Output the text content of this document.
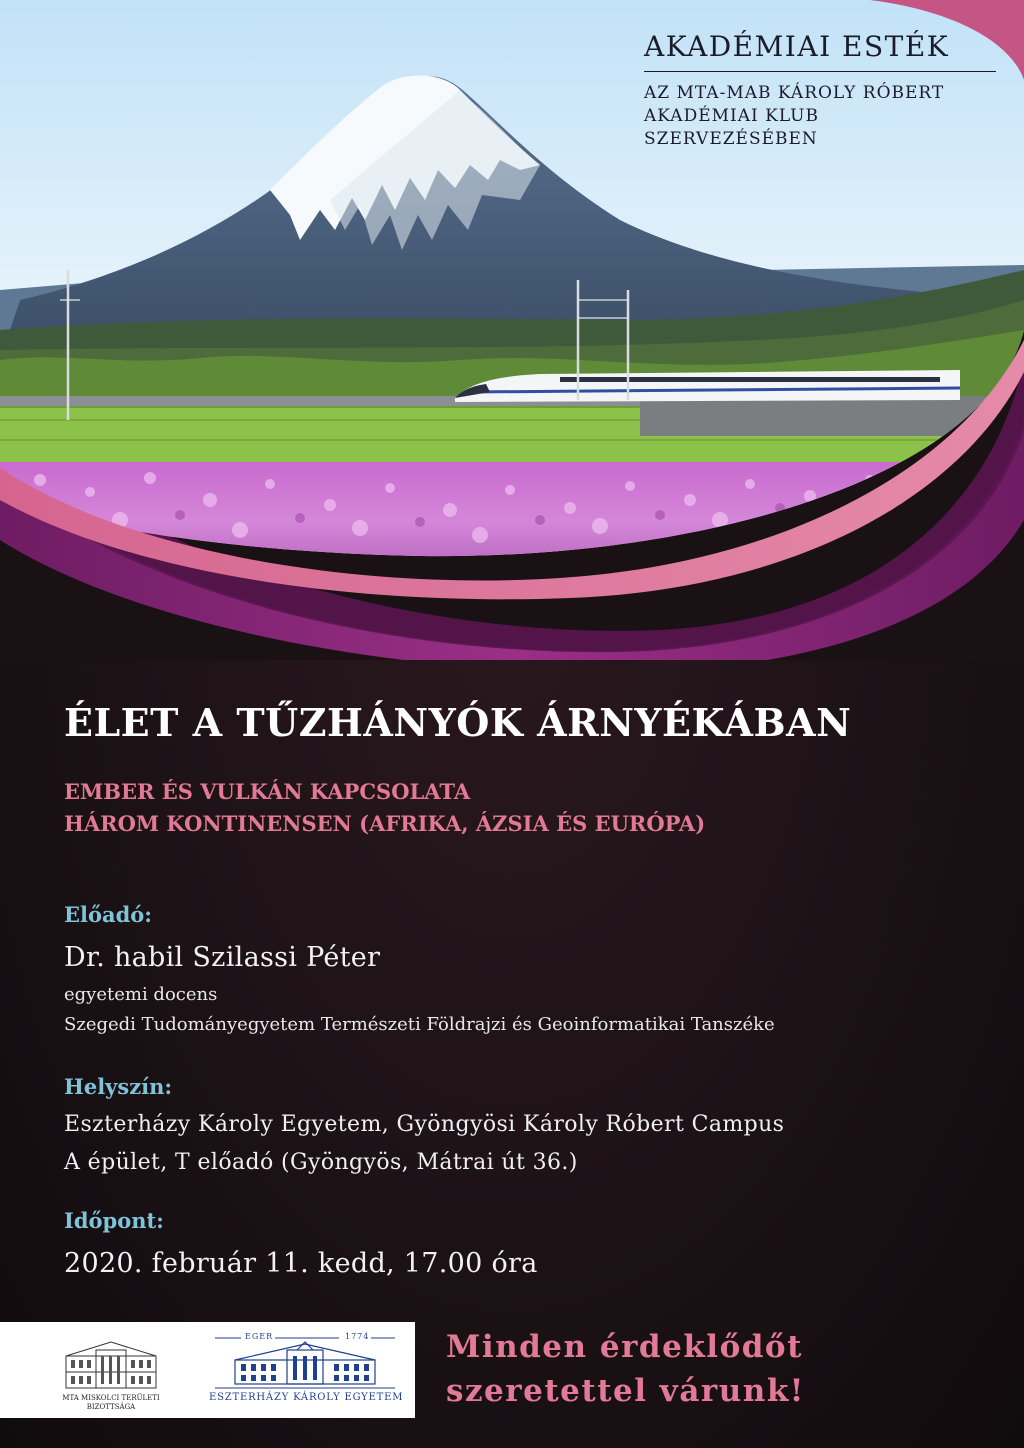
AKADÉMIAI ESTÉK
AZ MTA-MAB KÁROLY RÓBERT
AKADÉMIAI KLUB
SZERVEZÉSÉBEN
ÉLET A TŰZHÁNYÓK ÁRNYÉKÁBAN
EMBER ÉS VULKÁN KAPCSOLATA
HÁROM KONTINENSEN (AFRIKA, ÁZSIA ÉS EURÓPA)
Előadó:
Dr. habil Szilassi Péter
egyetemi docens
Szegedi Tudományegyetem Természeti Földrajzi és Geoinformatikai Tanszéke
Helyszín:
Eszterházy Károly Egyetem, Gyöngyösi Károly Róbert Campus
A épület, T előadó (Gyöngyös, Mátrai út 36.)
Időpont:
2020. február 11. kedd, 17.00 óra
MTA MISKOLCI TERÜLETI
BIZOTTSÁGA
EGER	1774
ESZTERHÁZY KÁROLY EGYETEM
Minden érdeklődőt
szeretettel várunk!
